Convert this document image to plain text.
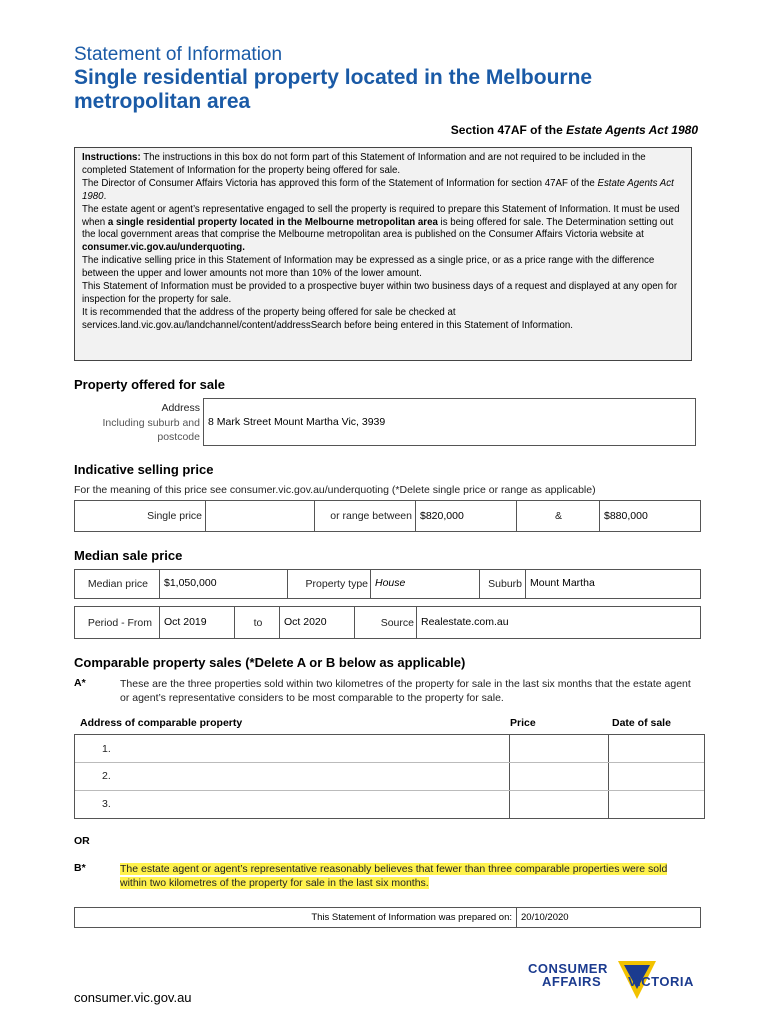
Statement of Information
Single residential property located in the Melbourne metropolitan area
Section 47AF of the Estate Agents Act 1980

Instructions: The instructions in this box do not form part of this Statement of Information and are not required to be included in the completed Statement of Information for the property being offered for sale.

The Director of Consumer Affairs Victoria has approved this form of the Statement of Information for section 47AF of the Estate Agents Act 1980.

The estate agent or agent’s representative engaged to sell the property is required to prepare this Statement of Information. It must be used when a single residential property located in the Melbourne metropolitan area is being offered for sale. The Determination setting out the local government areas that comprise the Melbourne metropolitan area is published on the Consumer Affairs Victoria website at consumer.vic.gov.au/underquoting.

The indicative selling price in this Statement of Information may be expressed as a single price, or as a price range with the difference between the upper and lower amounts not more than 10% of the lower amount.

This Statement of Information must be provided to a prospective buyer within two business days of a request and displayed at any open for inspection for the property for sale.

It is recommended that the address of the property being offered for sale be checked at services.land.vic.gov.au/landchannel/content/addressSearch before being entered in this Statement of Information.

Property offered for sale
Address
Including suburb and
postcode
8 Mark Street Mount Martha Vic, 3939
Indicative selling price
For the meaning of this price see consumer.vic.gov.au/underquoting (*Delete single price or range as applicable)
Single price	or range between $820,000	&	$880,000
Median sale price
Median price	$1,050,000	Property type House	Suburb Mount Martha
Period - From	Oct 2019	to	Oct 2020	Source Realestate.com.au
Comparable property sales (*Delete A or B below as applicable)
A*	These are the three properties sold within two kilometres of the property for sale in the last six months that the estate agent or agent’s representative considers to be most comparable to the property for sale.
Address of comparable property	Price	Date of sale
1.
2.
3.
OR
B*	The estate agent or agent’s representative reasonably believes that fewer than three comparable properties were sold within two kilometres of the property for sale in the last six months.
This Statement of Information was prepared on: 20/10/2020
CONSUMER
AFFAIRS VICTORIA
consumer.vic.gov.au
